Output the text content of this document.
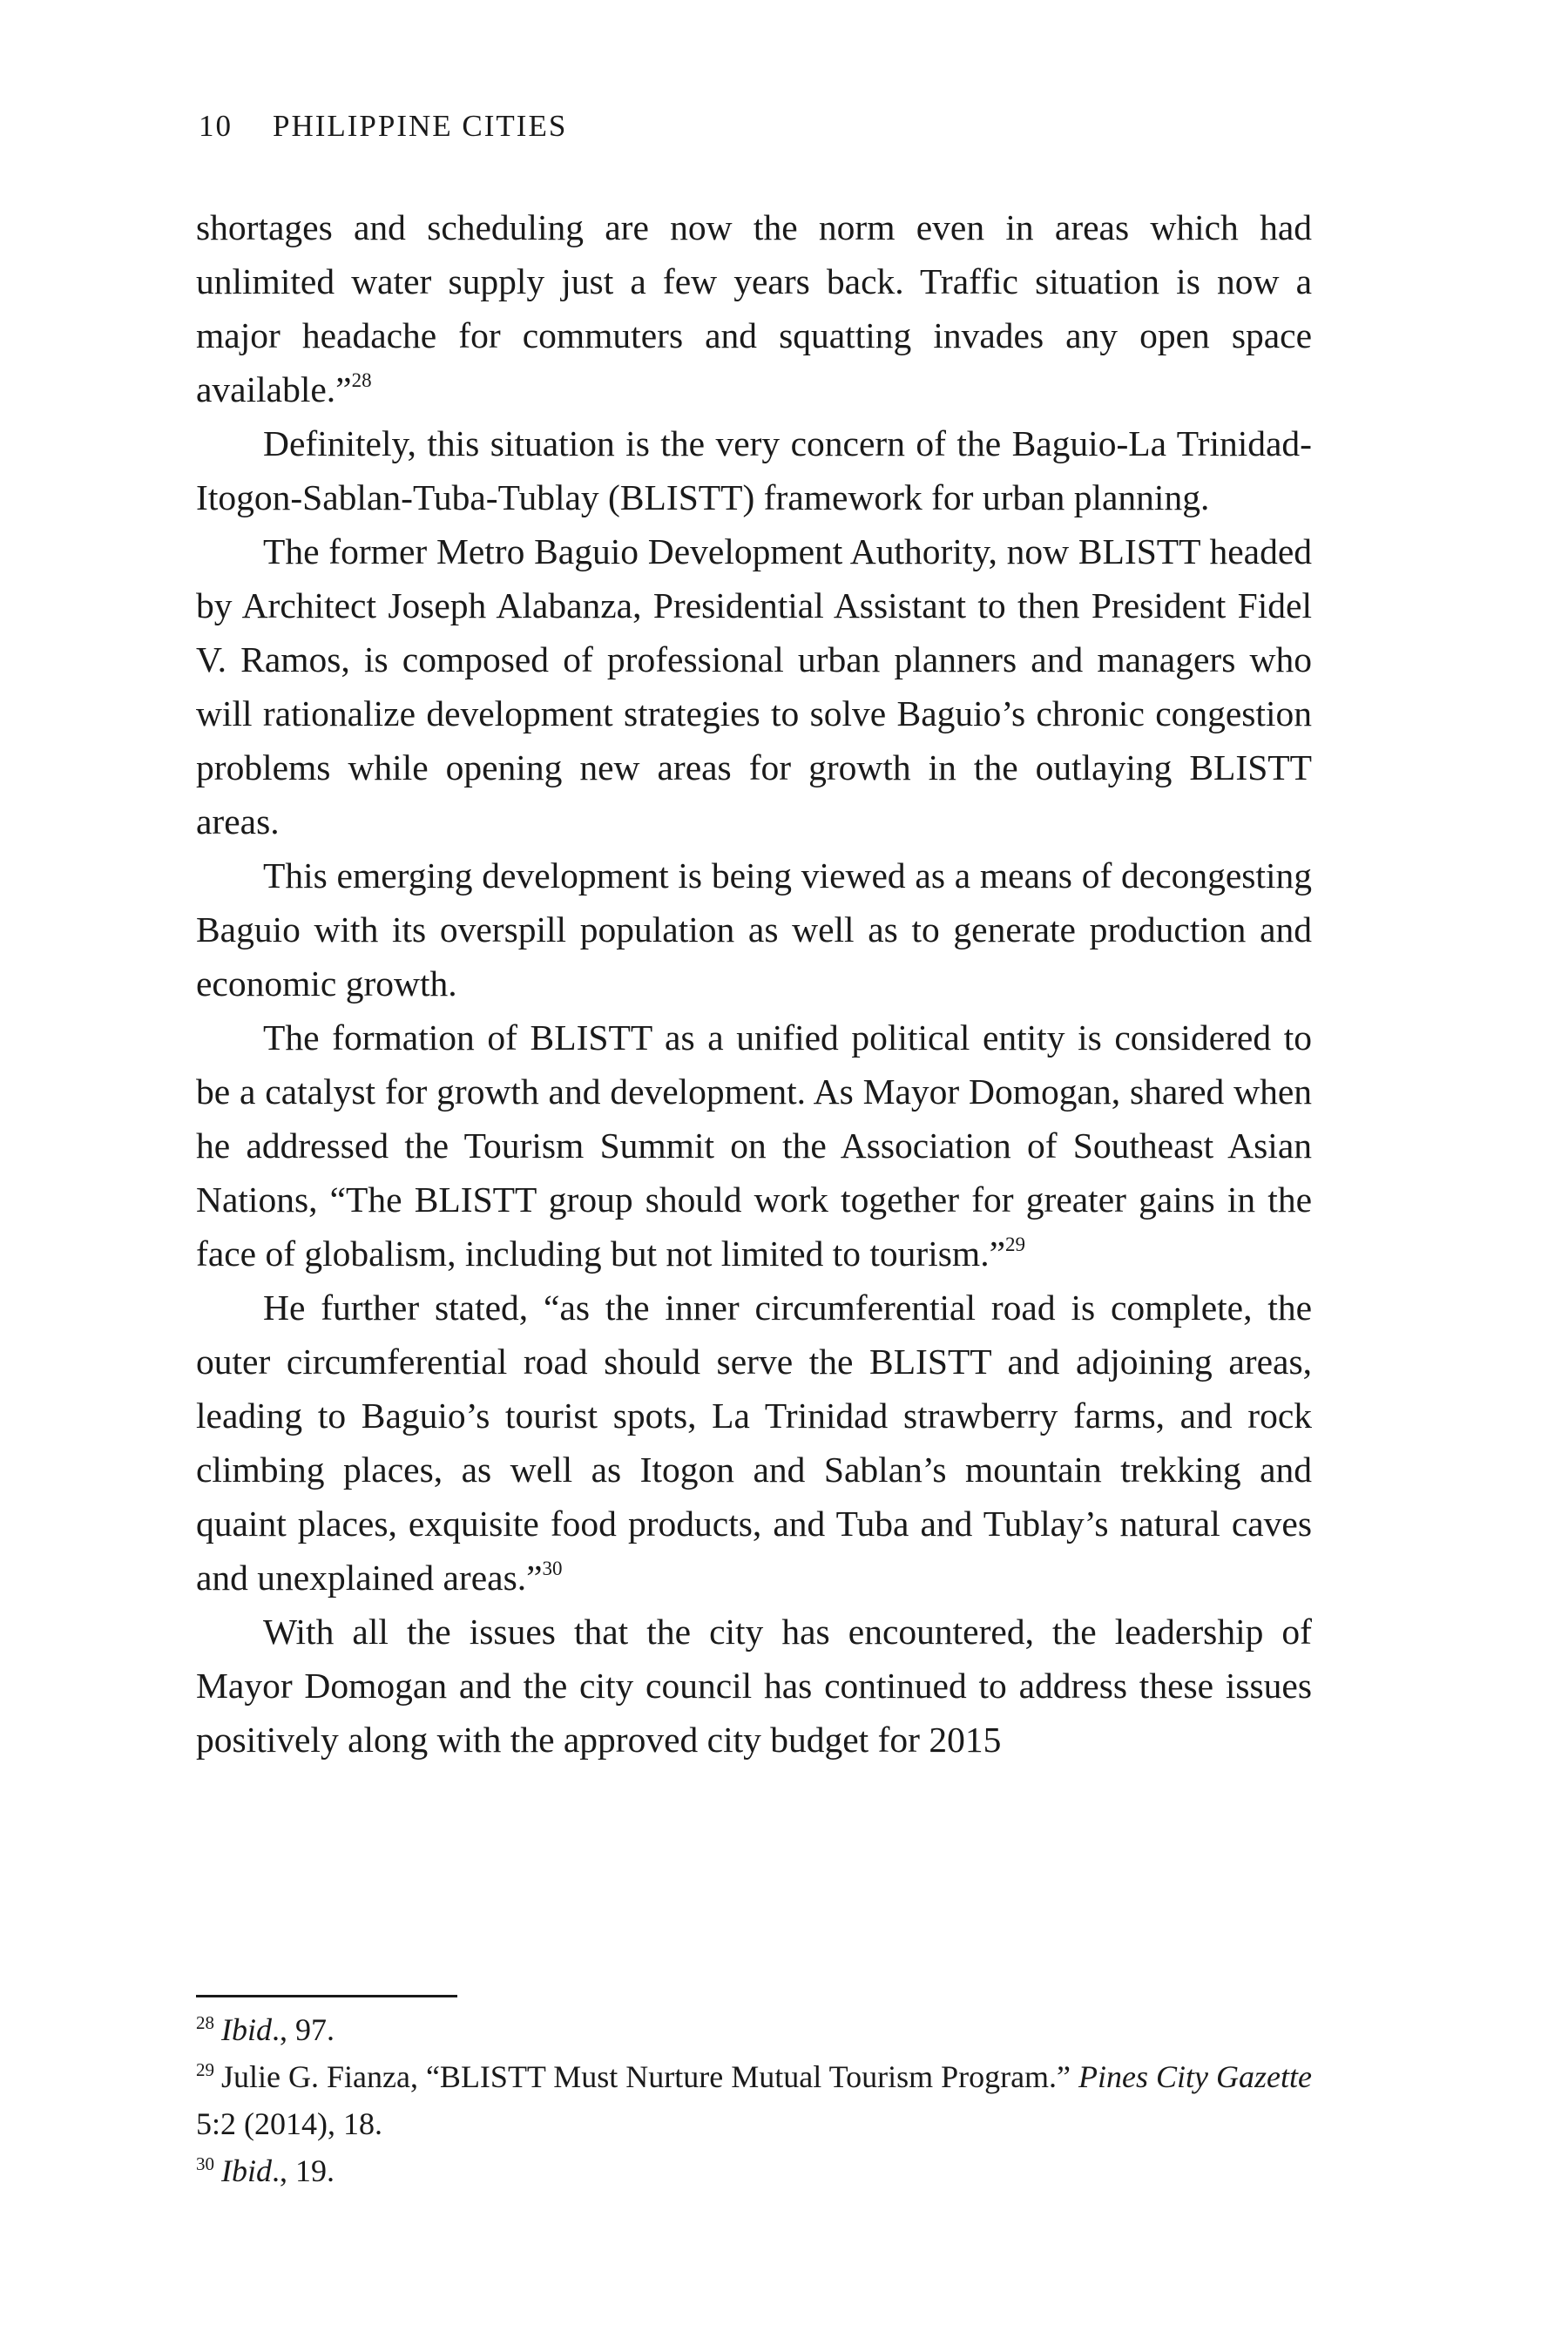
10 PHILIPPINE CITIES

shortages and scheduling are now the norm even in areas which had unlimited water supply just a few years back. Traffic situation is now a major headache for commuters and squatting invades any open space available.”$^{28}$

Definitely, this situation is the very concern of the Baguio-La Trinidad-Itogon-Sablan-Tuba-Tublay (BLISTT) framework for urban planning.

The former Metro Baguio Development Authority, now BLISTT headed by Architect Joseph Alabanza, Presidential Assistant to then President Fidel V. Ramos, is composed of professional urban planners and managers who will rationalize development strategies to solve Baguio’s chronic congestion problems while opening new areas for growth in the outlaying BLISTT areas.

This emerging development is being viewed as a means of decongesting Baguio with its overspill population as well as to generate production and economic growth.

The formation of BLISTT as a unified political entity is considered to be a catalyst for growth and development. As Mayor Domogan, shared when he addressed the Tourism Summit on the Association of Southeast Asian Nations, “The BLISTT group should work together for greater gains in the face of globalism, including but not limited to tourism.”$^{29}$

He further stated, “as the inner circumferential road is complete, the outer circumferential road should serve the BLISTT and adjoining areas, leading to Baguio’s tourist spots, La Trinidad strawberry farms, and rock climbing places, as well as Itogon and Sablan’s mountain trekking and quaint places, exquisite food products, and Tuba and Tublay’s natural caves and unexplained areas.”$^{30}$

With all the issues that the city has encountered, the leadership of Mayor Domogan and the city council has continued to address these issues positively along with the approved city budget for 2015

$^{28}$ Ibid., 97.

$^{29}$ Julie G. Fianza, “BLISTT Must Nurture Mutual Tourism Program.” Pines City Gazette 5:2 (2014), 18.

$^{30}$ Ibid., 19.
